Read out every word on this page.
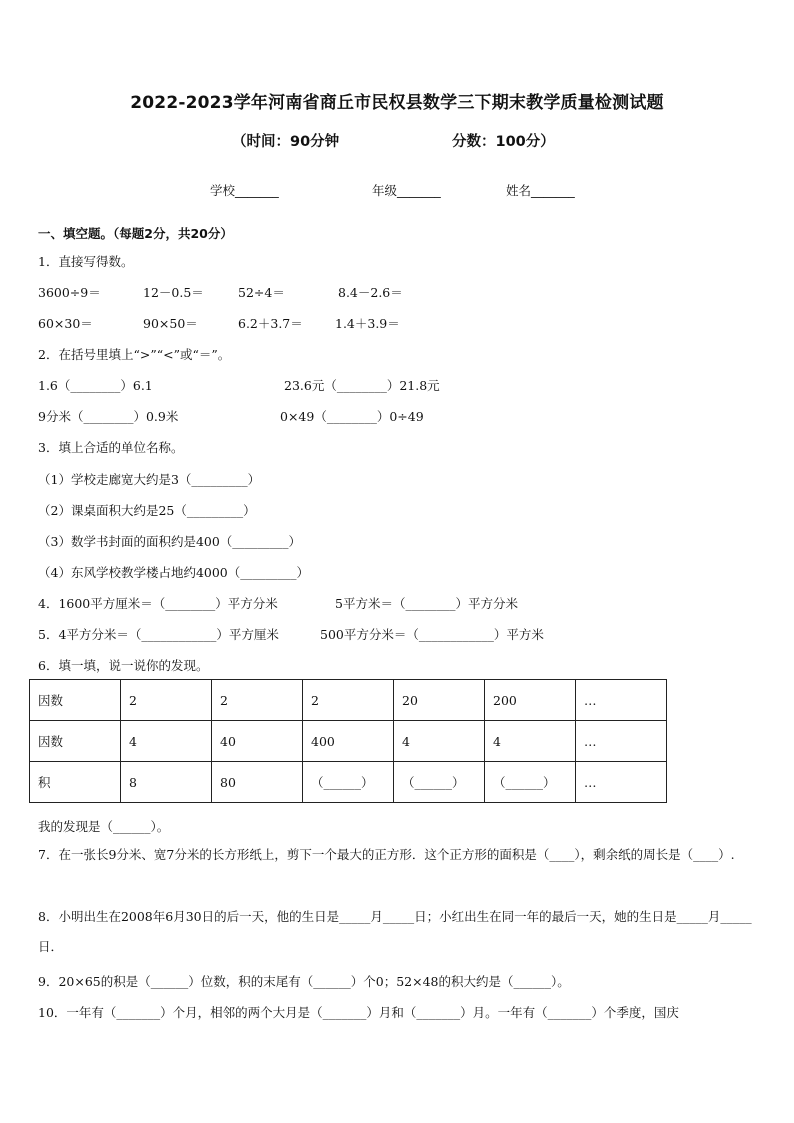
2022-2023学年河南省商丘市民权县数学三下期末教学质量检测试题
（时间：90分钟	分数：100分）
学校_______	年级_______	姓名_______
一、填空题。（每题2分，共20分）
1．直接写得数。
3600÷9＝	12－0.5＝	52÷4＝	8.4－2.6＝
60×30＝	90×50＝	6.2＋3.7＝	1.4＋3.9＝
2．在括号里填上“>”“<”或“＝”。
1.6（________）6.1	23.6元（________）21.8元
9分米（________）0.9米	0×49（________）0÷49
3．填上合适的单位名称。
（1）学校走廊宽大约是3（_________）
（2）课桌面积大约是25（_________）
（3）数学书封面的面积约是400（_________）
（4）东风学校教学楼占地约4000（_________）
4．1600平方厘米＝（________）平方分米	5平方米＝（________）平方分米
5．4平方分米＝（____________）平方厘米	500平方分米＝（____________）平方米
6．填一填，说一说你的发现。
因数	2	2	2	20	200	…
因数	4	40	400	4	4	…
积	8	80	（______）	（______）	（______）	…
我的发现是（______）。
7．在一张长9分米、宽7分米的长方形纸上，剪下一个最大的正方形．这个正方形的面积是（____），剩余纸的周长是（____）.
8．小明出生在2008年6月30日的后一天，他的生日是_____月_____日；小红出生在同一年的最后一天，她的生日是_____月_____日．
9．20×65的积是（______）位数，积的末尾有（______）个0；52×48的积大约是（______）。
10．一年有（_______）个月，相邻的两个大月是（_______）月和（_______）月。一年有（_______）个季度，国庆
